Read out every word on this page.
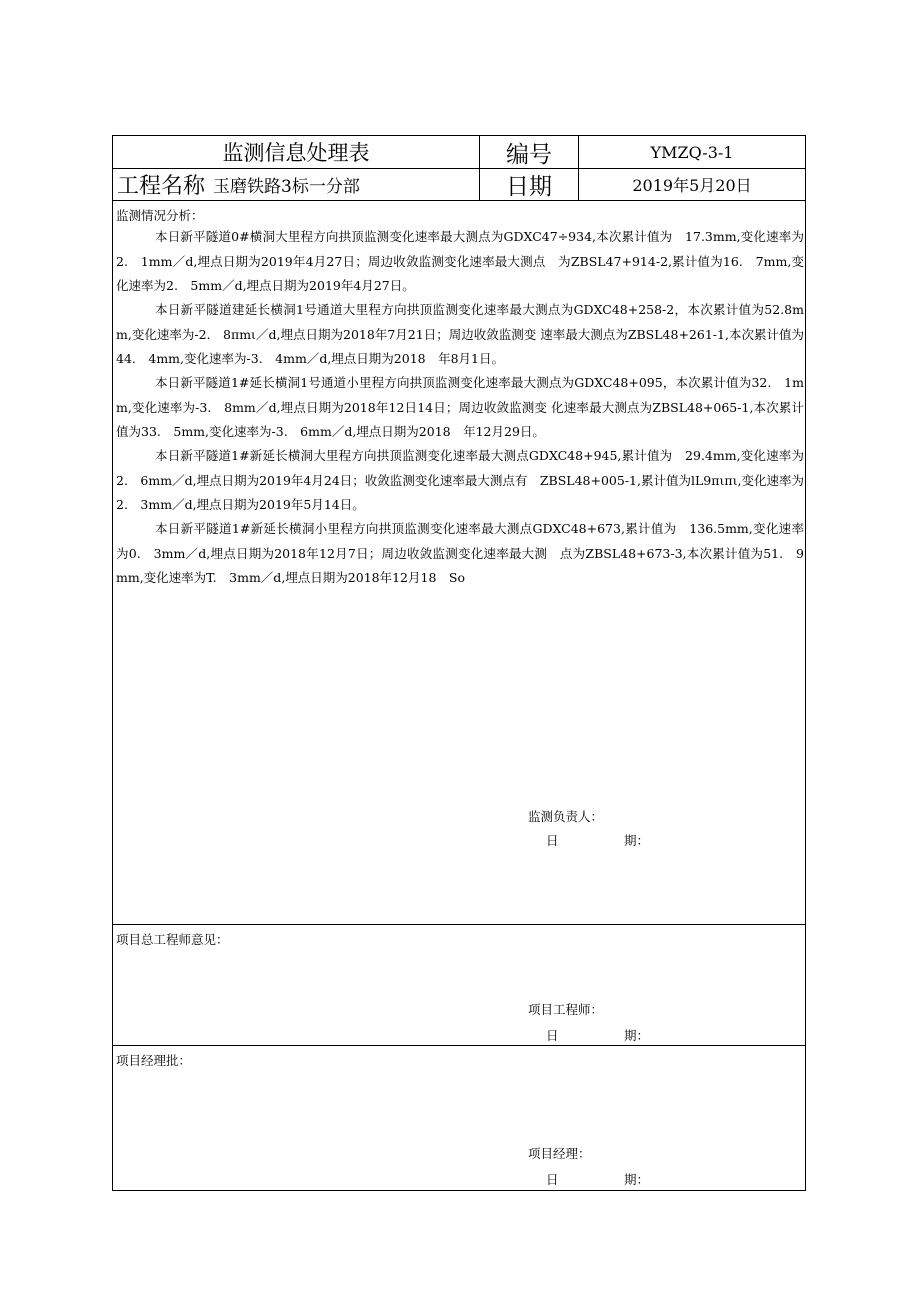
监测信息处理表	编号	YMZQ-3-1
工程名称 玉磨铁路3标一分部	日期	2019年5月20日
监测情况分析：

本日新平隧道0#横洞大里程方向拱顶监测变化速率最大测点为GDXC47÷934,本次累计值为　17.3mm,变化速率为2.　1mm／d,埋点日期为2019年4月27日；周边收敛监测变化速率最大测点　为ZBSL47+914-2,累计值为16.　7mm,变化速率为2.　5mm／d,埋点日期为2019年4月27日。

本日新平隧道建延长横洞1号通道大里程方向拱顶监测变化速率最大测点为GDXC48+258-2，本次累计值为52.8mm,变化速率为-2.　8πmι／d,埋点日期为2018年7月21日；周边收敛监测变 速率最大测点为ZBSL48+261-1,本次累计值为44.　4mm,变化速率为-3.　4mm／d,埋点日期为2018　年8月1日。

本日新平隧道1#延长横洞1号通道小里程方向拱顶监测变化速率最大测点为GDXC48+095，本次累计值为32.　1mm,变化速率为-3.　8mm／d,埋点日期为2018年12日14日；周边收敛监测变 化速率最大测点为ZBSL48+065-1,本次累计值为33.　5mm,变化速率为-3.　6mm／d,埋点日期为2018　年12月29日。

本日新平隧道1#新延长横洞大里程方向拱顶监测变化速率最大测点GDXC48+945,累计值为　29.4mm,变化速率为2.　6mm／d,埋点日期为2019年4月24日；收敛监测变化速率最大测点有　ZBSL48+005-1,累计值为lL9πιπι,变化速率为2.　3mm／d,埋点日期为2019年5月14日。

本日新平隧道1#新延长横洞小里程方向拱顶监测变化速率最大测点GDXC48+673,累计值为　136.5mm,变化速率为0.　3mm／d,埋点日期为2018年12月7日；周边收敛监测变化速率最大测　点为ZBSL48+673-3,本次累计值为51.　9mm,变化速率为T.　3mm／d,埋点日期为2018年12月18　So

监测负责人：
日	期：
项目总工程师意见：
项目工程师：
日	期：
项目经理批：
项目经理：
日	期：
